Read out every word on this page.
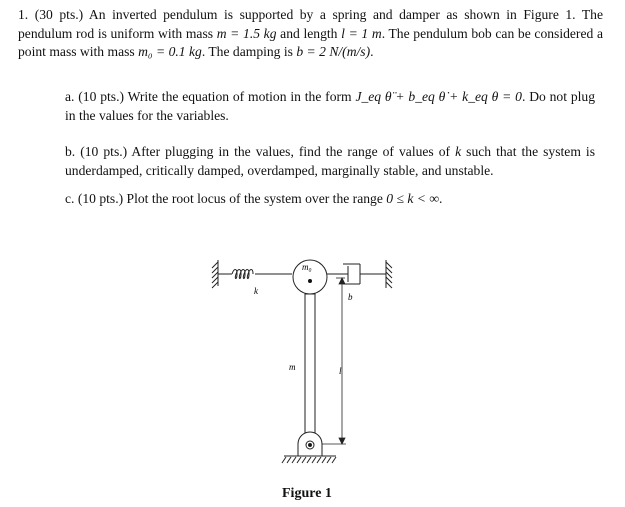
1. (30 pts.) An inverted pendulum is supported by a spring and damper as shown in Figure 1. The pendulum rod is uniform with mass m = 1.5 kg and length l = 1 m. The pendulum bob can be considered a point mass with mass m₀ = 0.1 kg. The damping is b = 2 N/(m/s).
a. (10 pts.) Write the equation of motion in the form J_eq θ̈ + b_eq θ̇ + k_eq θ = 0. Do not plug in the values for the variables.
b. (10 pts.) After plugging in the values, find the range of values of k such that the system is underdamped, critically damped, overdamped, marginally stable, and unstable.
c. (10 pts.) Plot the root locus of the system over the range 0 ≤ k < ∞.
k
m₀
b
m	l
Figure 1
